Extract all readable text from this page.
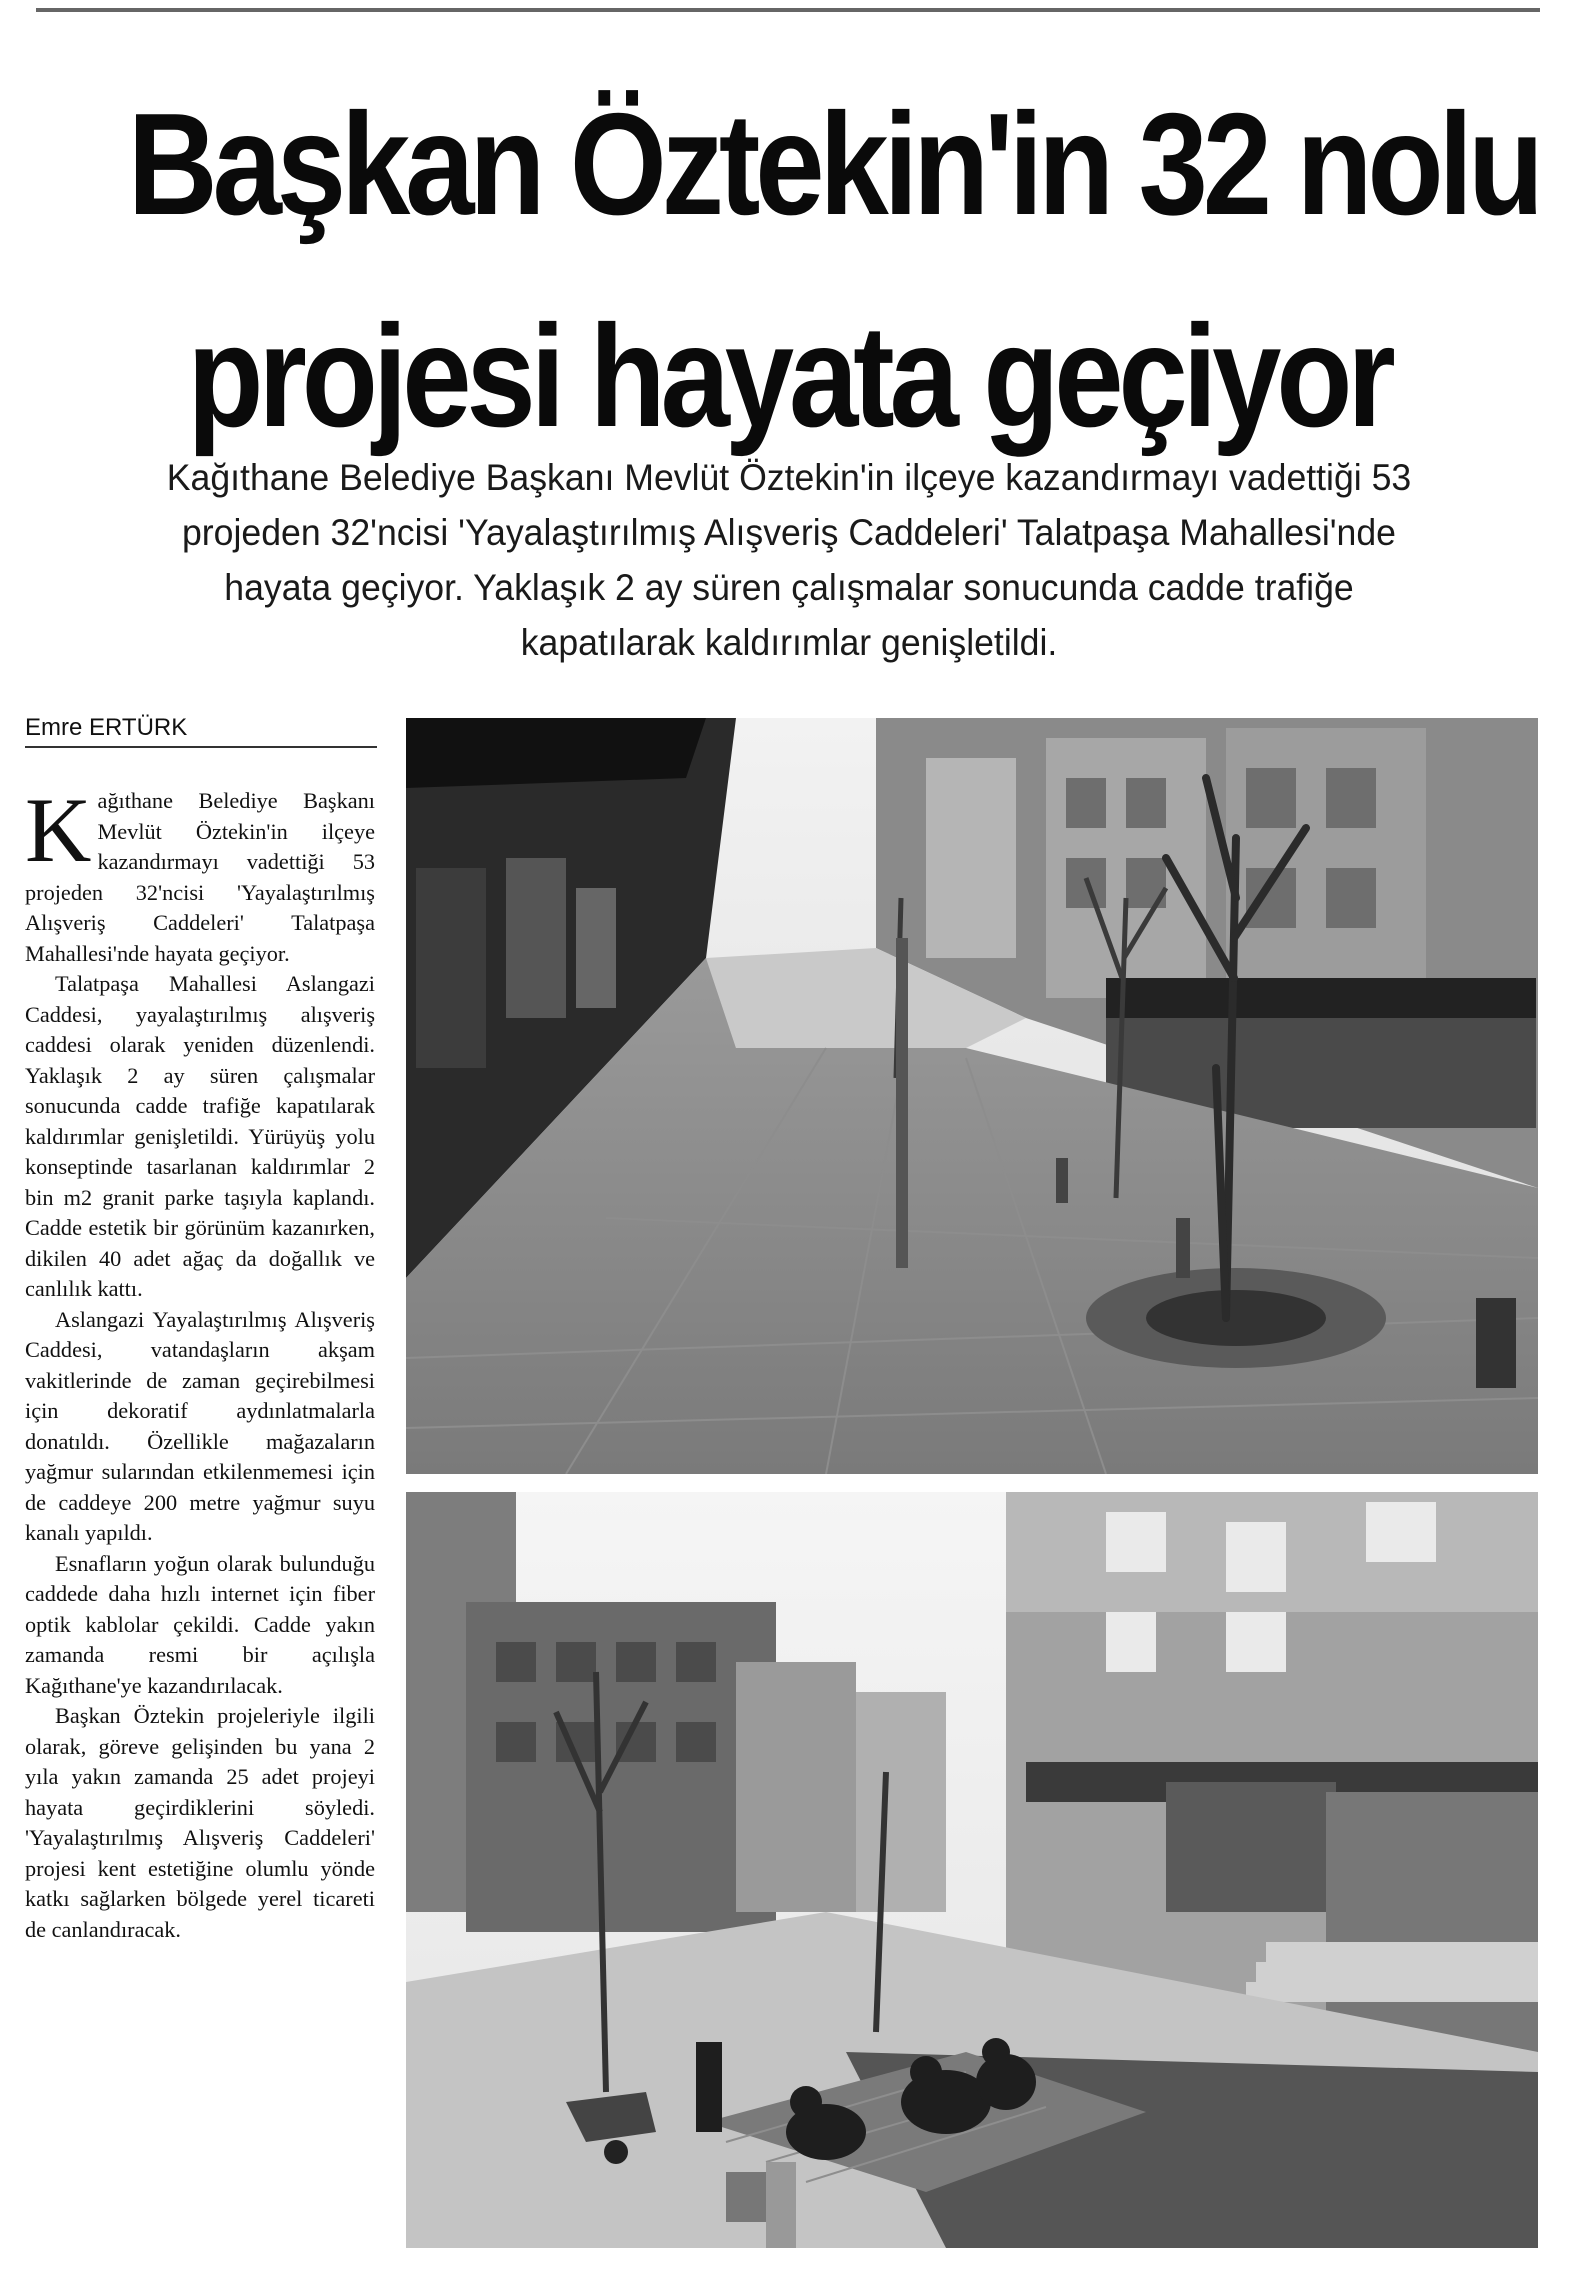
Başkan Öztekin'in 32 nolu
projesi hayata geçiyor
Kağıthane Belediye Başkanı Mevlüt Öztekin'in ilçeye kazandırmayı vadettiği 53
projeden 32'ncisi 'Yayalaştırılmış Alışveriş Caddeleri' Talatpaşa Mahallesi'nde
hayata geçiyor. Yaklaşık 2 ay süren çalışmalar sonucunda cadde trafiğe
kapatılarak kaldırımlar genişletildi.

Emre ERTÜRK

Kağıthane Belediye Başkanı Mevlüt Öztekin'in ilçeye kazandırmayı vadettiği 53 projeden 32'ncisi 'Yayalaştırılmış Alışveriş Caddeleri' Talatpaşa Mahallesi'nde hayata geçiyor.

Talatpaşa Mahallesi Aslangazi Caddesi, yayalaştırılmış alışveriş caddesi olarak yeniden düzenlendi. Yaklaşık 2 ay süren çalışmalar sonucunda cadde trafiğe kapatılarak kaldırımlar genişletildi. Yürüyüş yolu konseptinde tasarlanan kaldırımlar 2 bin m2 granit parke taşıyla kaplandı. Cadde estetik bir görünüm kazanırken, dikilen 40 adet ağaç da doğallık ve canlılık kattı.

Aslangazi Yayalaştırılmış Alışveriş Caddesi, vatandaşların akşam vakitlerinde de zaman geçirebilmesi için dekoratif aydınlatmalarla donatıldı. Özellikle mağazaların yağmur sularından etkilenmemesi için de caddeye 200 metre yağmur suyu kanalı yapıldı.

Esnafların yoğun olarak bulunduğu caddede daha hızlı internet için fiber optik kablolar çekildi. Cadde yakın zamanda resmi bir açılışla Kağıthane'ye kazandırılacak.

Başkan Öztekin projeleriyle ilgili olarak, göreve gelişinden bu yana 2 yıla yakın zamanda 25 adet projeyi hayata geçirdiklerini söyledi. 'Yayalaştırılmış Alışveriş Caddeleri' projesi kent estetiğine olumlu yönde katkı sağlarken bölgede yerel ticareti de canlandıracak.
